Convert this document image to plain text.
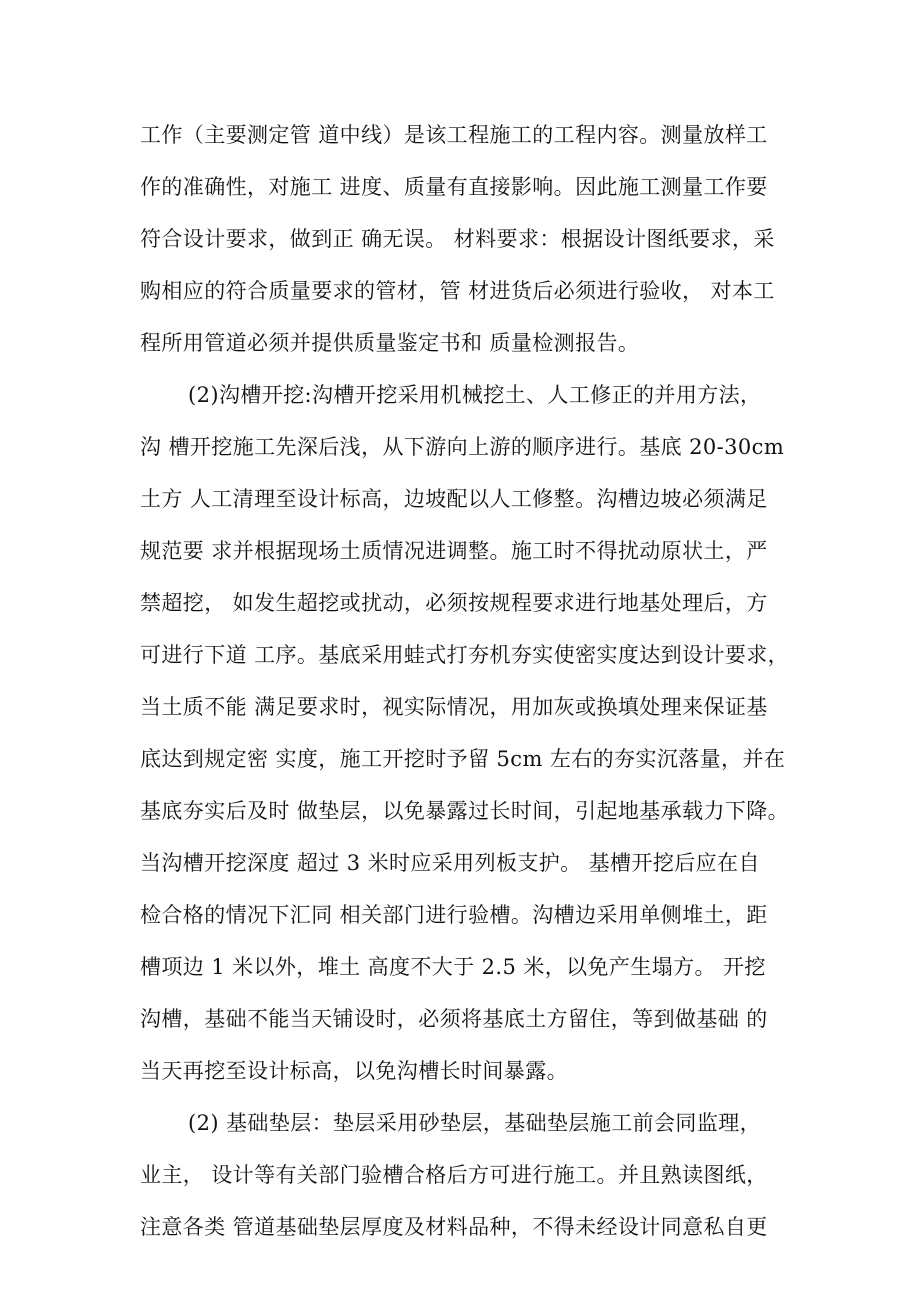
工作（主要测定管 道中线）是该工程施工的工程内容。测量放样工
作的准确性，对施工 进度、质量有直接影响。因此施工测量工作要
符合设计要求，做到正 确无误。 材料要求：根据设计图纸要求，采
购相应的符合质量要求的管材，管 材进货后必须进行验收， 对本工
程所用管道必须并提供质量鉴定书和 质量检测报告。
(2)沟槽开挖:沟槽开挖采用机械挖土、人工修正的并用方法，
沟 槽开挖施工先深后浅，从下游向上游的顺序进行。基底 20-30cm
土方 人工清理至设计标高，边坡配以人工修整。沟槽边坡必须满足
规范要 求并根据现场土质情况进调整。施工时不得扰动原状土，严
禁超挖， 如发生超挖或扰动，必须按规程要求进行地基处理后，方
可进行下道 工序。基底采用蛙式打夯机夯实使密实度达到设计要求，
当土质不能 满足要求时，视实际情况，用加灰或换填处理来保证基
底达到规定密 实度，施工开挖时予留 5cm 左右的夯实沉落量，并在
基底夯实后及时 做垫层，以免暴露过长时间，引起地基承载力下降。
当沟槽开挖深度 超过 3 米时应采用列板支护。 基槽开挖后应在自
检合格的情况下汇同 相关部门进行验槽。沟槽边采用单侧堆土，距
槽项边 1 米以外，堆土 高度不大于 2.5 米，以免产生塌方。 开挖
沟槽，基础不能当天铺设时，必须将基底土方留住，等到做基础 的
当天再挖至设计标高，以免沟槽长时间暴露。
(2) 基础垫层：垫层采用砂垫层，基础垫层施工前会同监理，
业主， 设计等有关部门验槽合格后方可进行施工。并且熟读图纸，
注意各类 管道基础垫层厚度及材料品种，不得未经设计同意私自更
